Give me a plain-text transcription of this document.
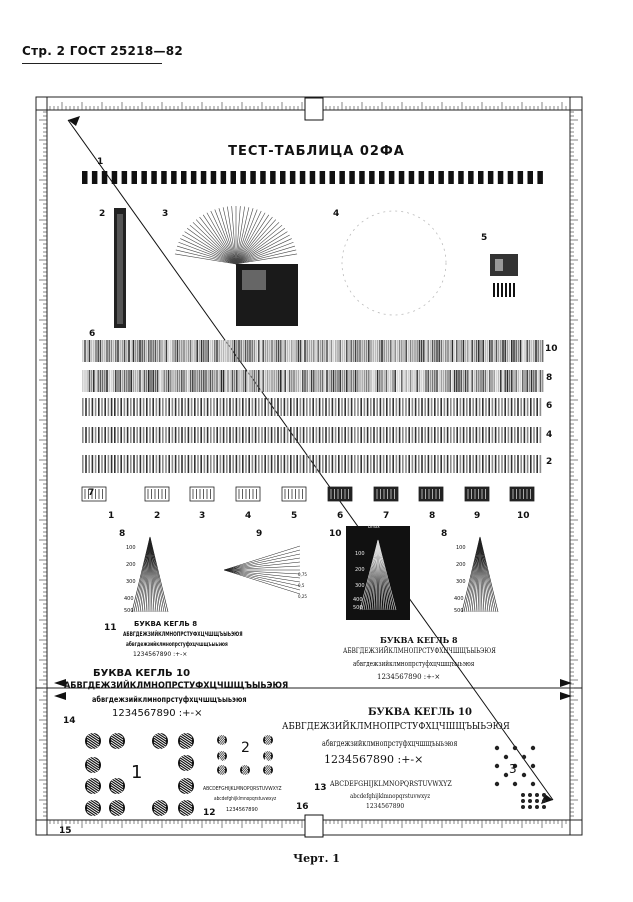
Стр. 2 ГОСТ 25218—82
ТЕСТ-ТАБЛИЦА 02ФА
1
2	3	4
5
6
7
8	9	10
11
12
13
14
15
16
10
8
6
4
2
1	2	3	4	5	6	7	8	9	10
100
200
300
400
500
100
200
300
400
500
Dmax
8
100
200
300
400
500
0,75
0,5
0,25
БУКВА КЕГЛЬ 8
АБВГДЕЖЗИЙКЛМНОПРСТУФХЦЧШЩЪЫЬЭЮЯ
абвгдежзийклмнопрстуфхцчшщъыьэюя
1234567890 :+-×
БУКВА КЕГЛЬ 8
АБВГДЕЖЗИЙКЛМНОПРСТУФХЦЧШЩЪЫЬЭЮЯ
абвгдежзийклмнопрстуфхцчшщъыьэюя
1234567890 :+-×
БУКВА КЕГЛЬ 10
АБВГДЕЖЗИЙКЛМНОПРСТУФХЦЧШЩЪЫЬЭЮЯ
абвгдежзийклмнопрстуфхцчшщъыьэюя
1234567890 :+-×	БУКВА КЕГЛЬ 10
АБВГДЕЖЗИЙКЛМНОПРСТУФХЦЧШЩЪЫЬЭЮЯ
абвгдежзийклмнопрстуфхцчшщъыьэюя
1234567890 :+-×
ABCDEFGHIJKLMNOPQRSTUVWXYZ
abcdefghijklmnopqrstuvwxyz
1234567890
ABCDEFGHIJKLMNOPQRSTUVWXYZ
abcdefghijklmnopqrstuvwxyz
1234567890
1
2
3
Черт. 1
